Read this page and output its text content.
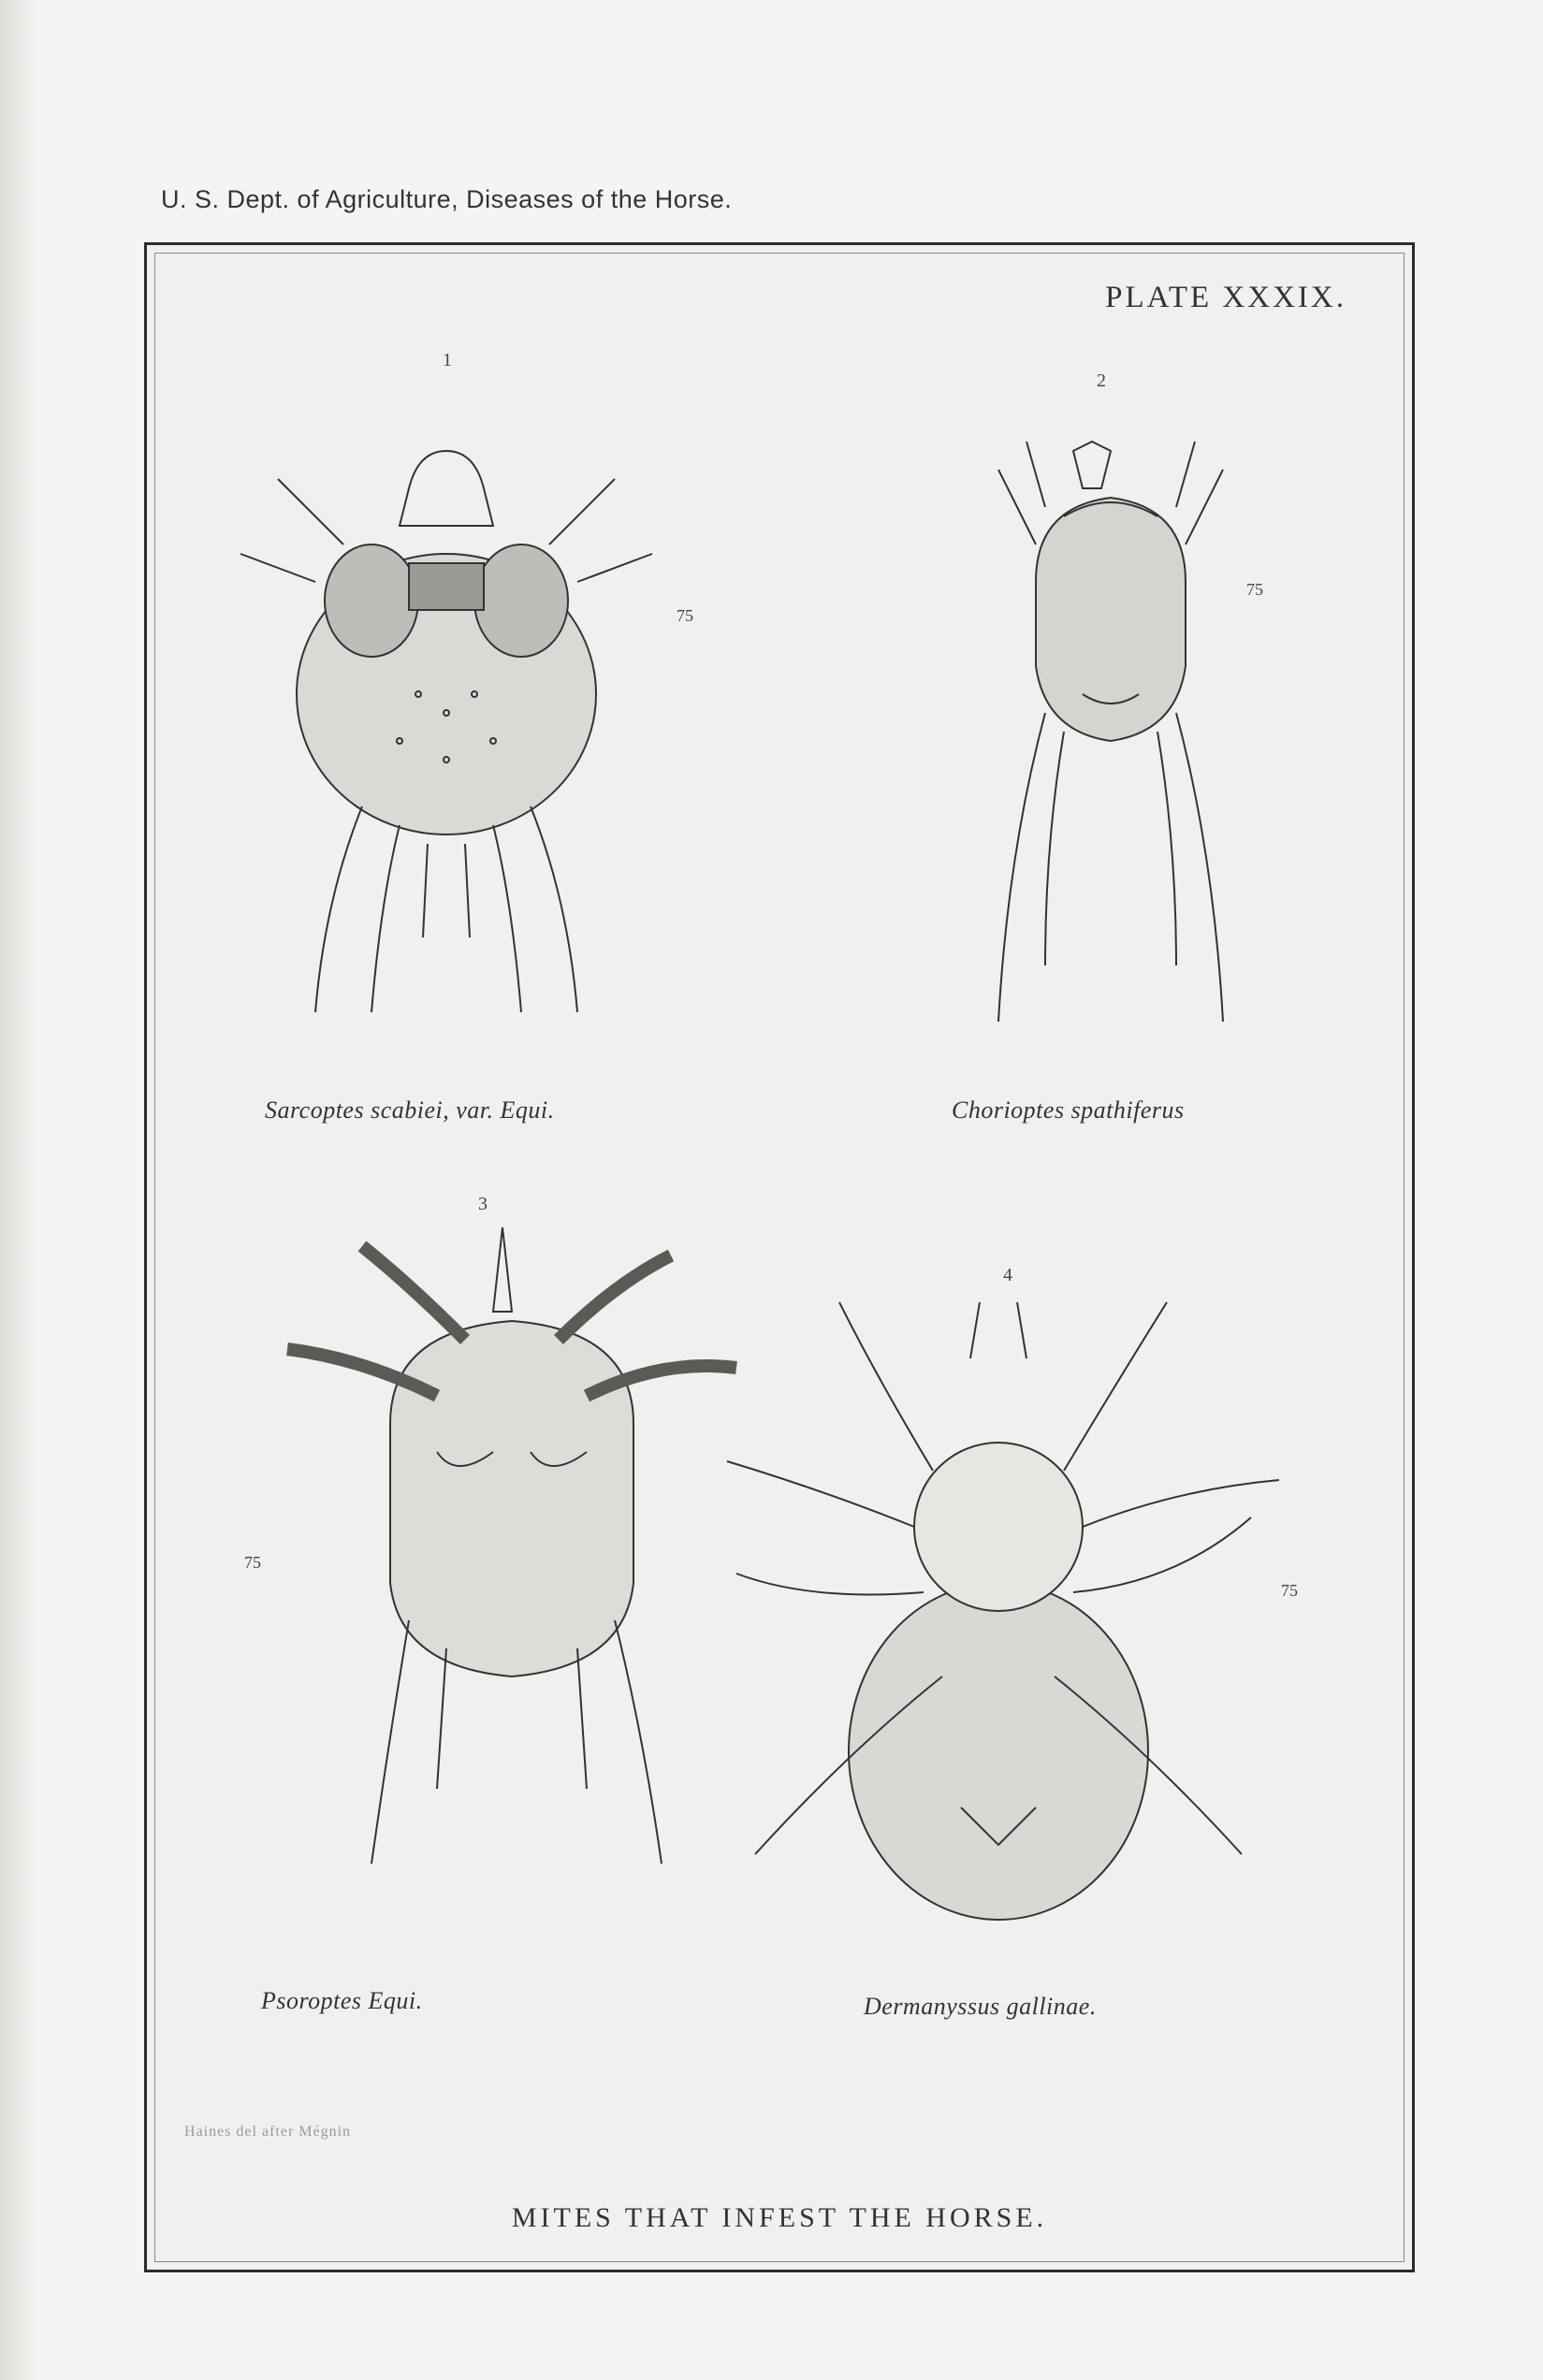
U. S. Dept. of Agriculture, Diseases of the Horse.
PLATE XXXIX.
1
75
Sarcoptes scabiei, var. Equi.
2
75
Chorioptes spathiferus
3
75
Psoroptes Equi.
4
75
Dermanyssus gallinae.
Haines del after Mégnin
MITES THAT INFEST THE HORSE.
